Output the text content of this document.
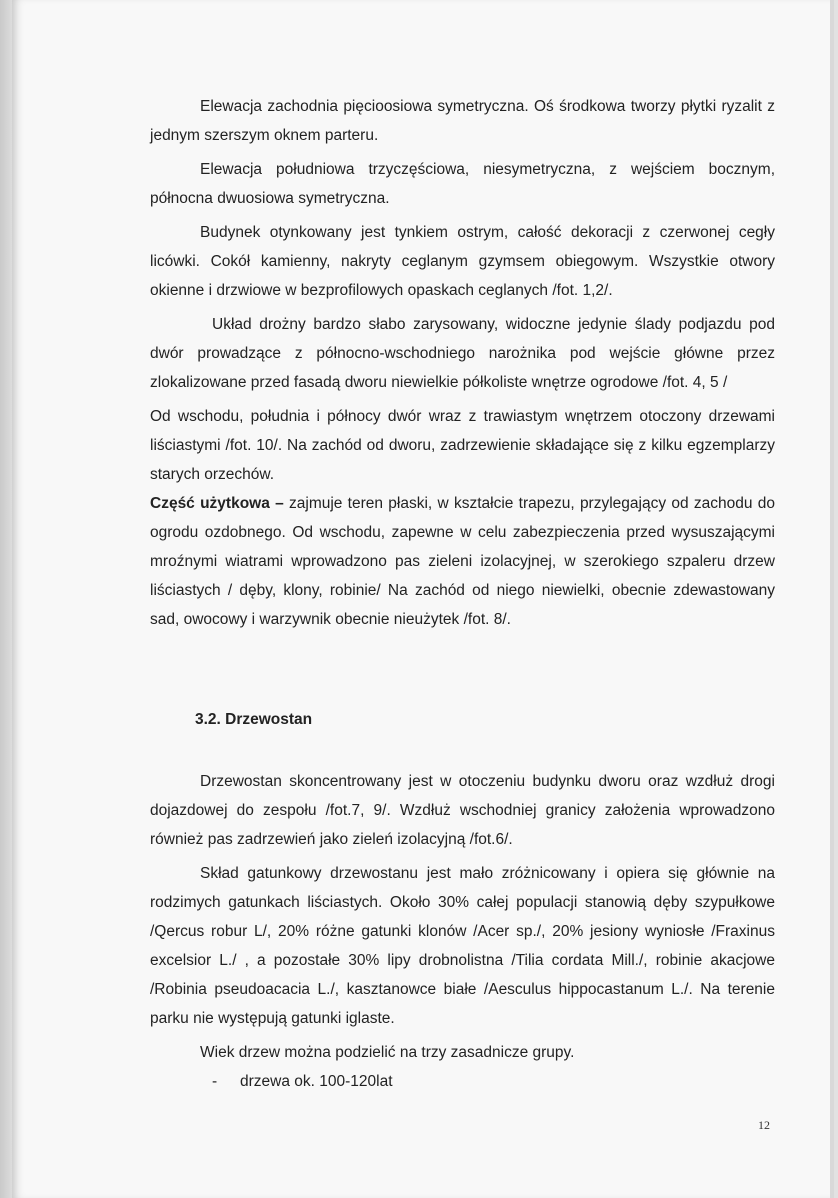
Elewacja zachodnia pięcioosiowa symetryczna. Oś środkowa tworzy płytki ryzalit z jednym szerszym oknem parteru.

Elewacja południowa trzyczęściowa, niesymetryczna, z wejściem bocznym, północna dwuosiowa symetryczna.

Budynek otynkowany jest tynkiem ostrym, całość dekoracji z czerwonej cegły licówki. Cokół kamienny, nakryty ceglanym gzymsem obiegowym. Wszystkie otwory okienne i drzwiowe w bezprofilowych opaskach ceglanych /fot. 1,2/.

Układ drożny bardzo słabo zarysowany, widoczne jedynie ślady podjazdu pod dwór prowadzące z północno-wschodniego narożnika pod wejście główne przez zlokalizowane przed fasadą dworu niewielkie półkoliste wnętrze ogrodowe /fot. 4, 5 /

Od wschodu, południa i północy dwór wraz z trawiastym wnętrzem otoczony drzewami liściastymi /fot. 10/. Na zachód od dworu, zadrzewienie składające się z kilku egzemplarzy starych orzechów.

Część użytkowa – zajmuje teren płaski, w kształcie trapezu, przylegający od zachodu do ogrodu ozdobnego. Od wschodu, zapewne w celu zabezpieczenia przed wysuszającymi mroźnymi wiatrami wprowadzono pas zieleni izolacyjnej, w szerokiego szpaleru drzew liściastych / dęby, klony, robinie/ Na zachód od niego niewielki, obecnie zdewastowany sad, owocowy i warzywnik obecnie nieużytek /fot. 8/.

3.2. Drzewostan

Drzewostan skoncentrowany jest w otoczeniu budynku dworu oraz wzdłuż drogi dojazdowej do zespołu /fot.7, 9/. Wzdłuż wschodniej granicy założenia wprowadzono również pas zadrzewień jako zieleń izolacyjną /fot.6/.

Skład gatunkowy drzewostanu jest mało zróżnicowany i opiera się głównie na rodzimych gatunkach liściastych. Około 30% całej populacji stanowią dęby szypułkowe /Qercus robur L/, 20% różne gatunki klonów /Acer sp./, 20% jesiony wyniosłe /Fraxinus excelsior L./ , a pozostałe 30% lipy drobnolistna /Tilia cordata Mill./, robinie akacjowe /Robinia pseudoacacia L./, kasztanowce białe /Aesculus hippocastanum L./. Na terenie parku nie występują gatunki iglaste.

Wiek drzew można podzielić na trzy zasadnicze grupy.

-	drzewa ok. 100-120lat
12
